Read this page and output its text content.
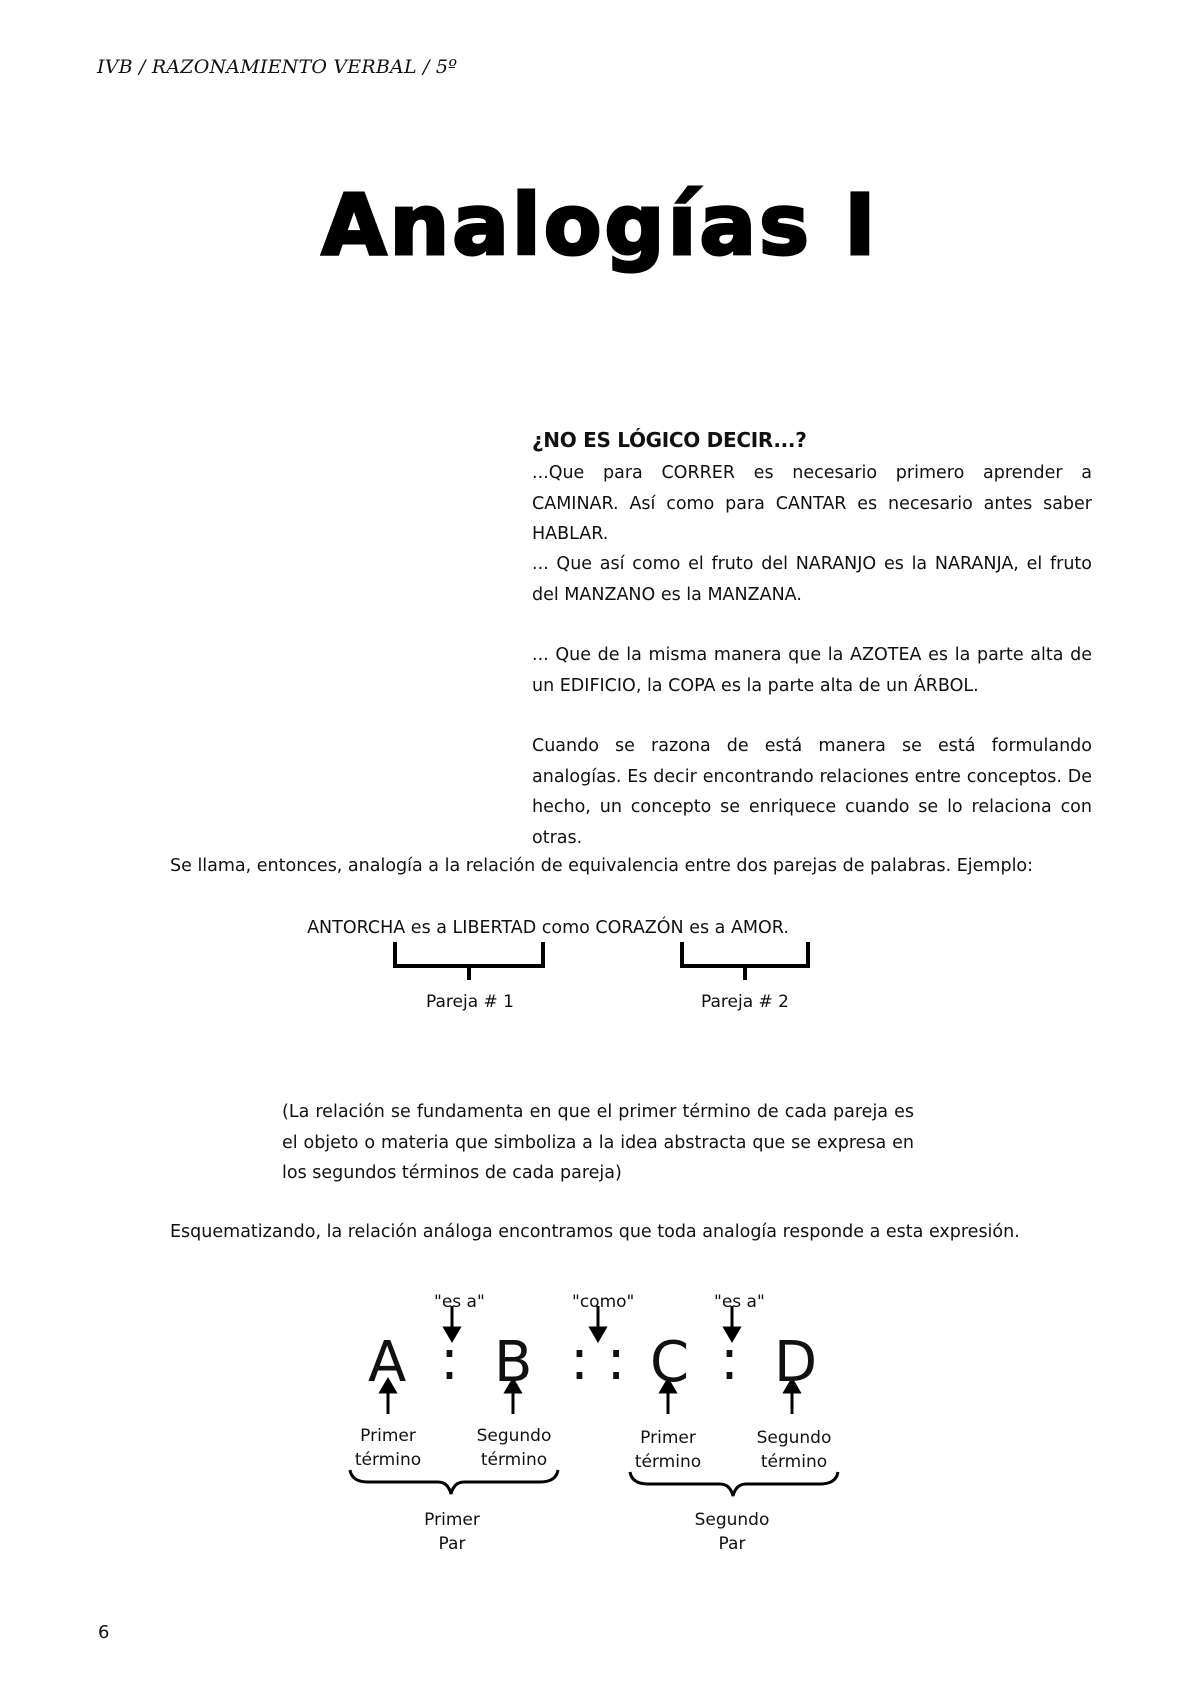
IVB / RAZONAMIENTO VERBAL / 5º
Analogías I
¿NO ES LÓGICO DECIR...?
...Que para CORRER es necesario primero aprender a CAMINAR. Así como para CANTAR es necesario antes saber HABLAR.
... Que así como el fruto del NARANJO es la NARANJA, el fruto del MANZANO es la MANZANA.
... Que de la misma manera que la AZOTEA es la parte alta de un EDIFICIO, la COPA es la parte alta de un ÁRBOL.
Cuando se razona de está manera se está formulando analogías. Es decir encontrando relaciones entre conceptos. De hecho, un concepto se enriquece cuando se lo relaciona con otras.
Se llama, entonces, analogía a la relación de equivalencia entre dos parejas de palabras. Ejemplo:
ANTORCHA es a LIBERTAD como CORAZÓN es a AMOR.
Pareja # 1	Pareja # 2
(La relación se fundamenta en que el primer término de cada pareja es el objeto o materia que simboliza a la idea abstracta que se expresa en los segundos términos de cada pareja)
Esquematizando, la relación análoga encontramos que toda analogía responde a esta expresión.
"es a"	"como"	"es a"
A : B : : C : D
Primer
término
Segundo
término
Primer
término
Segundo
término
Primer
Par
Segundo
Par
6
